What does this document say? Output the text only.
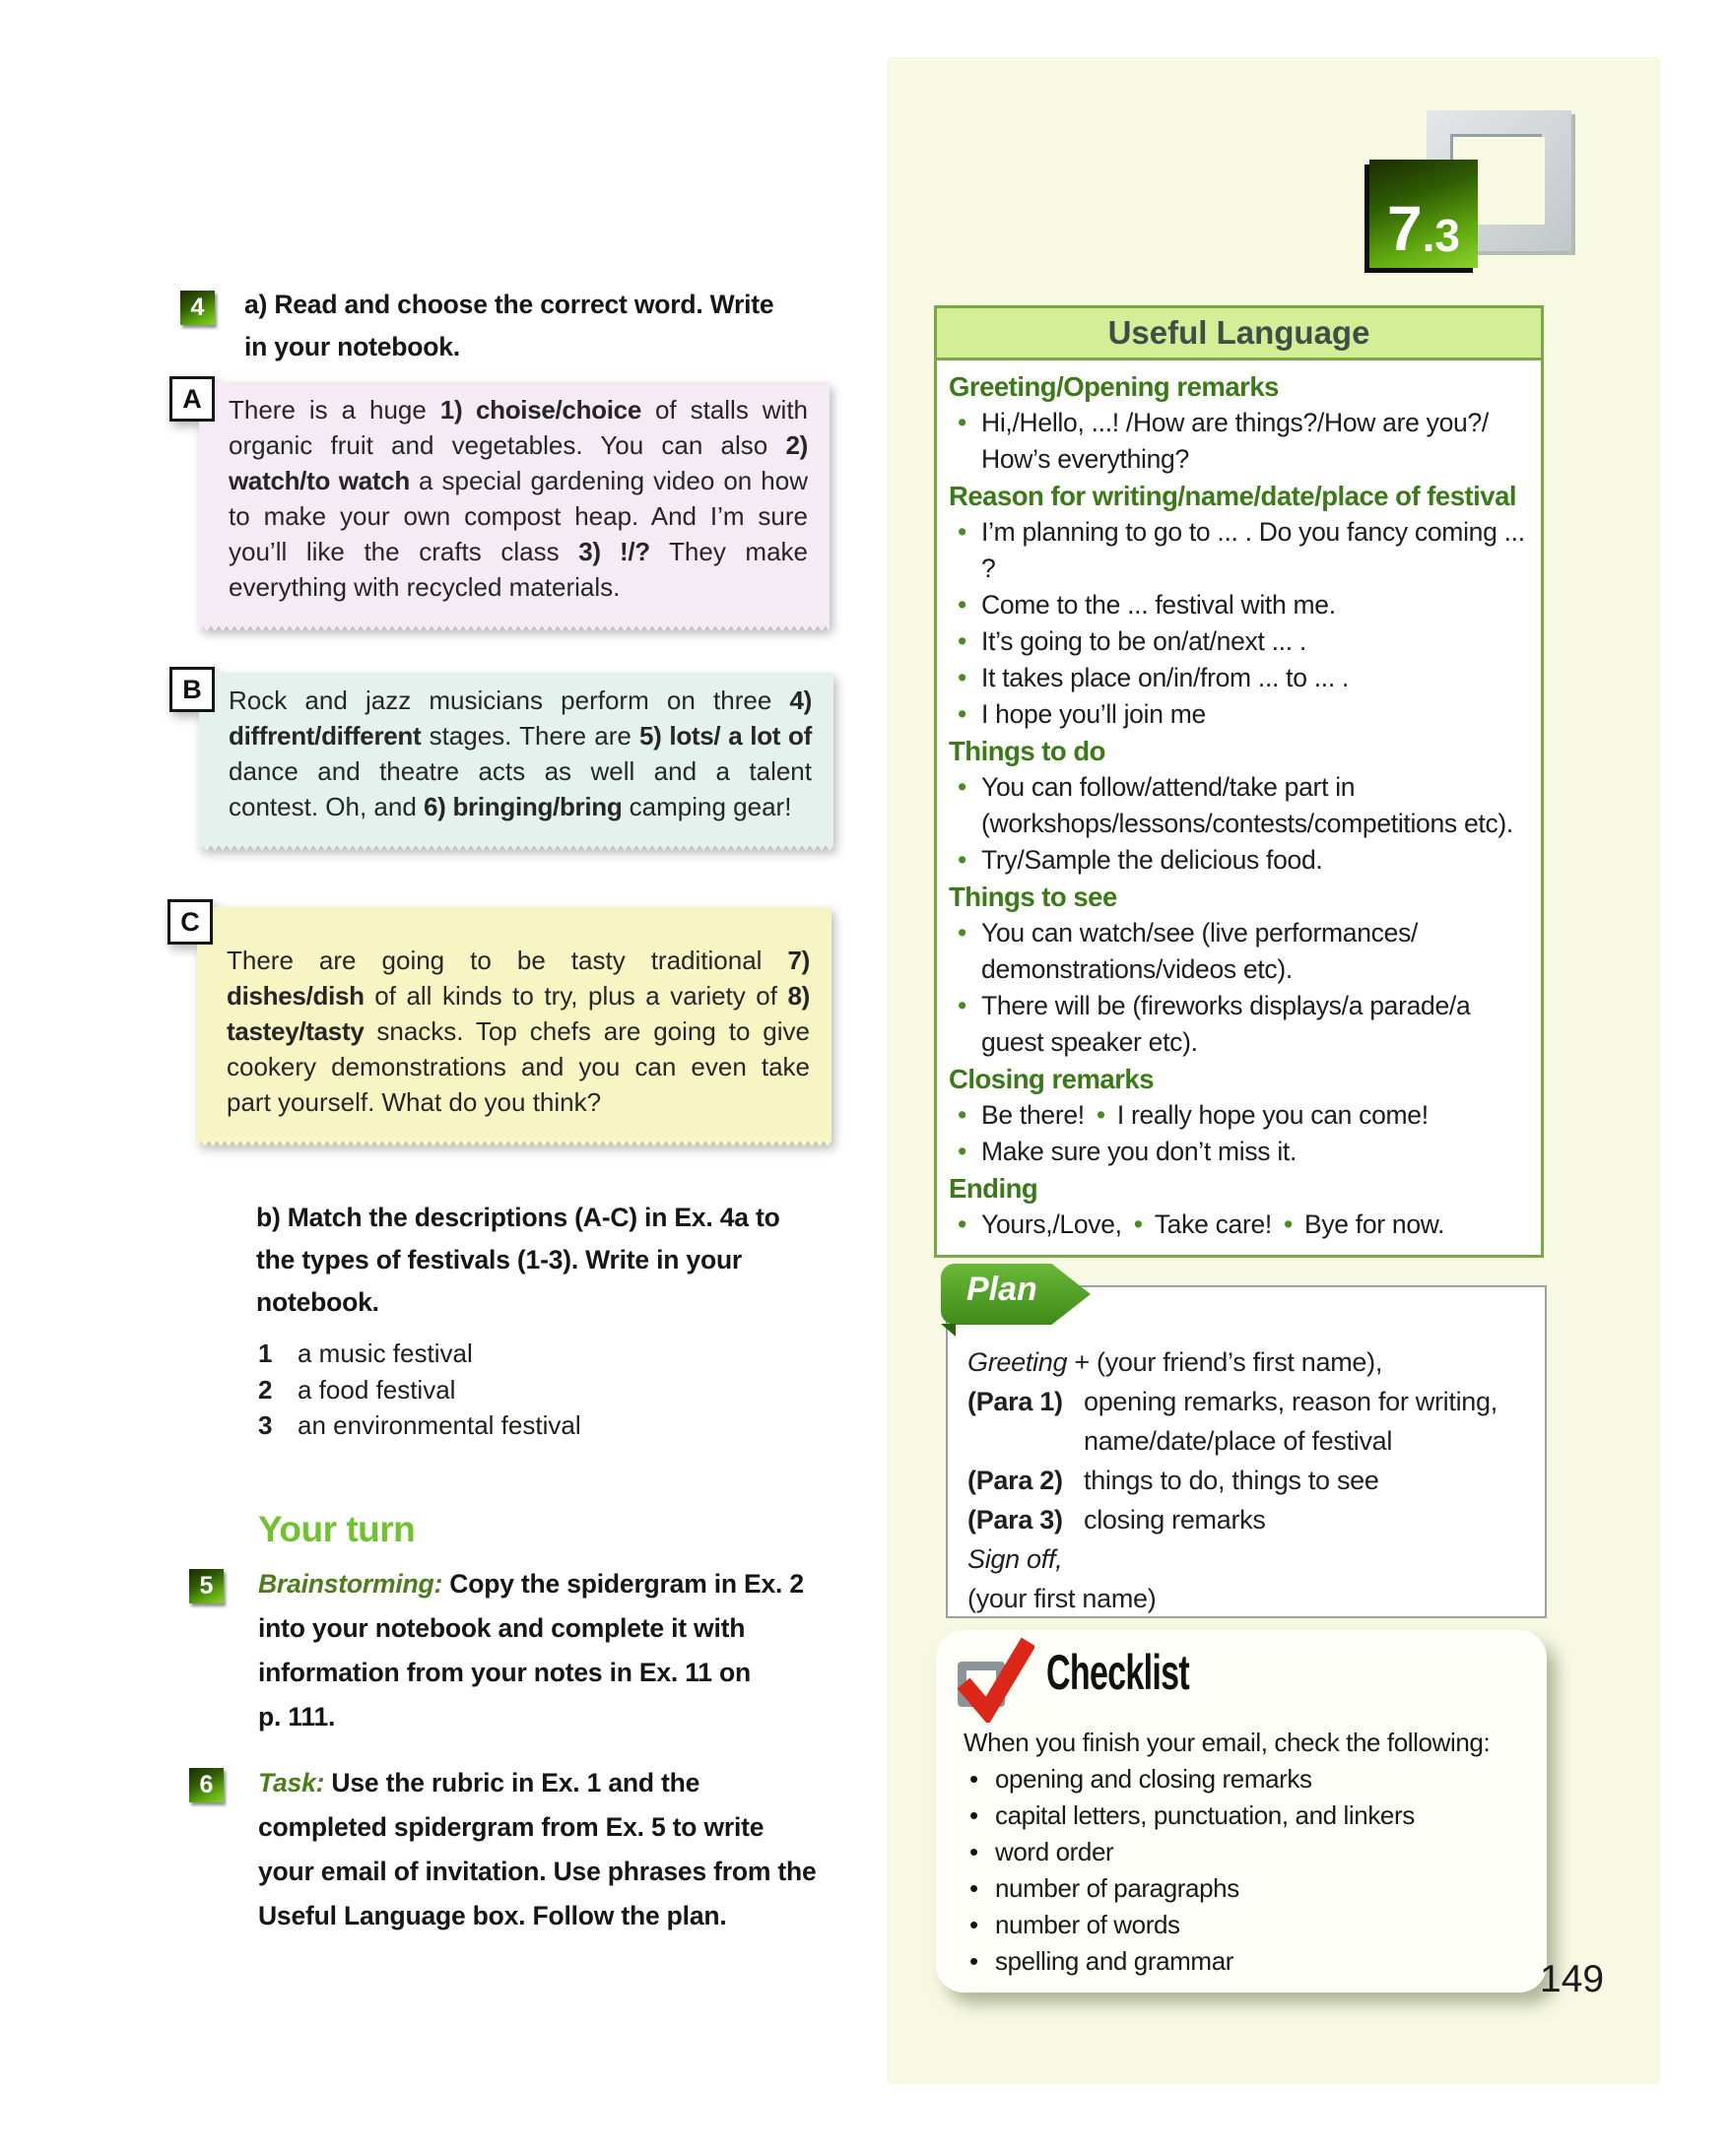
4	a) Read and choose the correct word. Write
in your notebook.
A	There is a huge 1) choise/choice of stalls with organic fruit and vegetables. You can also 2) watch/to watch a special gardening video on how to make your own compost heap. And I’m sure you’ll like the crafts class 3) !/? They make everything with recycled materials.
B	Rock and jazz musicians perform on three 4) diffrent/different stages. There are 5) lots/ a lot of dance and theatre acts as well and a talent contest. Oh, and 6) bringing/bring camping gear!
C
There are going to be tasty traditional 7) dishes/dish of all kinds to try, plus a variety of 8) tastey/tasty snacks. Top chefs are going to give cookery demonstrations and you can even take part yourself. What do you think?
b) Match the descriptions (A-C) in Ex. 4a to
the types of festivals (1-3). Write in your
notebook.
1 a music festival
2 a food festival
3 an environmental festival
Your turn
5	Brainstorming: Copy the spidergram in Ex. 2
into your notebook and complete it with
information from your notes in Ex. 11 on
p. 111.
6	Task: Use the rubric in Ex. 1 and the
completed spidergram from Ex. 5 to write
your email of invitation. Use phrases from the
Useful Language box. Follow the plan.
7 .3
Useful Language
Greeting/Opening remarks
• Hi,/Hello, ...! /How are things?/How are you?/ How’s everything?
Reason for writing/name/date/place of festival
• I’m planning to go to ... . Do you fancy coming ... ?
• Come to the ... festival with me.
• It’s going to be on/at/next ... .
• It takes place on/in/from ... to ... .
• I hope you’ll join me
Things to do
• You can follow/attend/take part in (workshops/lessons/contests/competitions etc).
• Try/Sample the delicious food.
Things to see
• You can watch/see (live performances/ demonstrations/videos etc).
• There will be (fireworks displays/a parade/a guest speaker etc).
Closing remarks
• Be there! • I really hope you can come!
• Make sure you don’t miss it.
Ending
• Yours,/Love, • Take care! • Bye for now.
Plan
Greeting + (your friend’s first name),
(Para 1) opening remarks, reason for writing, name/date/place of festival
(Para 2) things to do, things to see
(Para 3) closing remarks
Sign off,
(your first name)
Checklist
When you finish your email, check the following:
• opening and closing remarks
• capital letters, punctuation, and linkers
• word order
• number of paragraphs
• number of words
• spelling and grammar	149
